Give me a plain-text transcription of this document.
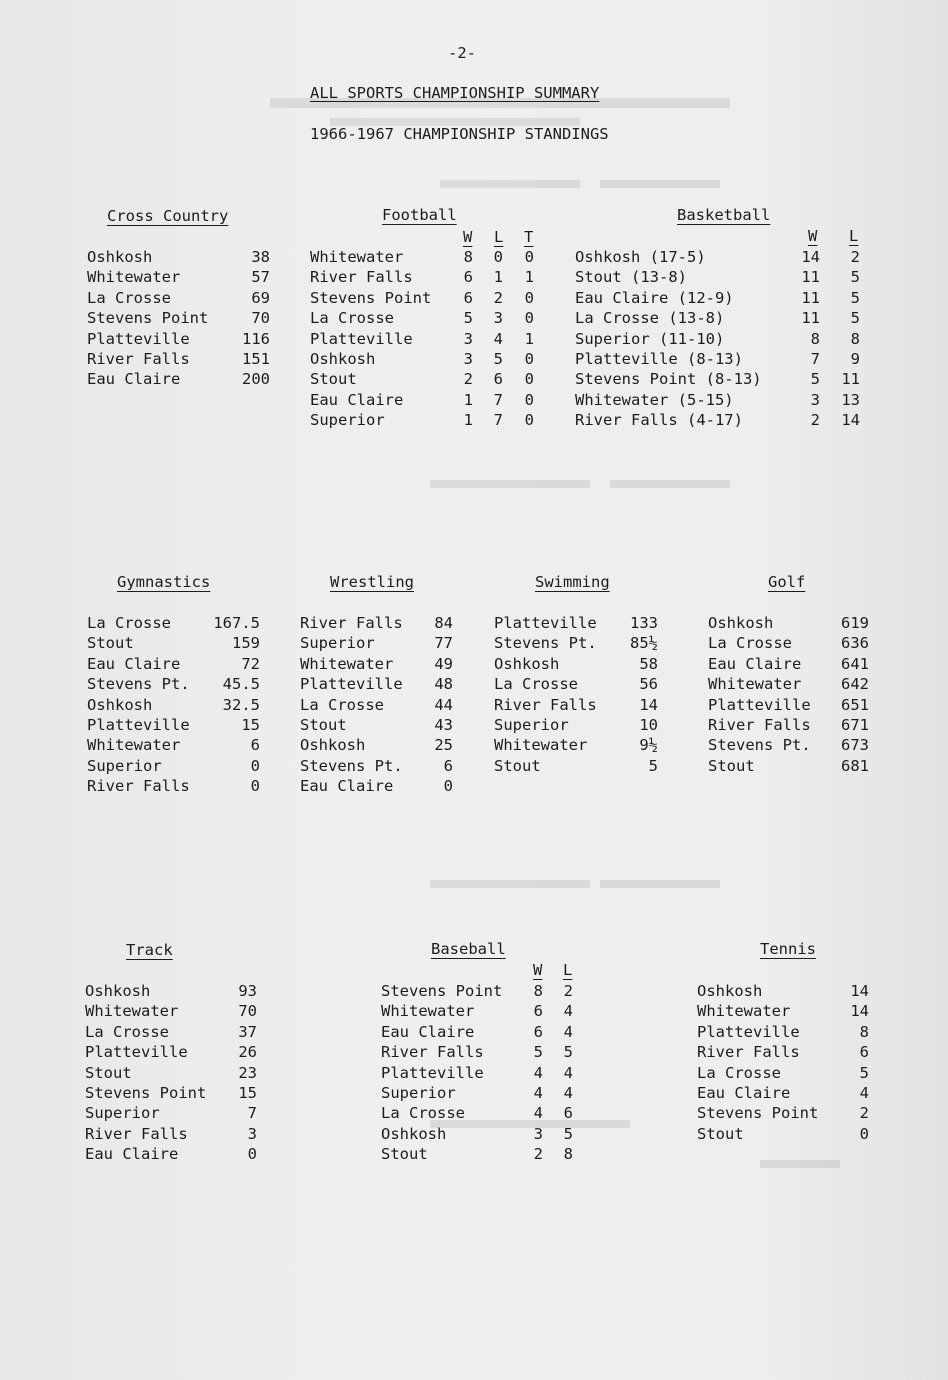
-2-
ALL SPORTS CHAMPIONSHIP SUMMARY
1966-1967 CHAMPIONSHIP STANDINGS
Cross Country
Oshkosh	38
Whitewater	57
La Crosse	69
Stevens Point	70
Platteville	116
River Falls	151
Eau Claire	200
Football
W L T
Whitewater	8	0	0
River Falls	6	1	1
Stevens Point	6	2	0
La Crosse	5	3	0
Platteville	3	4	1
Oshkosh	3	5	0
Stout	2	6	0
Eau Claire	1	7	0
Superior	1	7	0
Basketball
W L
Oshkosh (17-5)	14	2
Stout (13-8)	11	5
Eau Claire (12-9)	11	5
La Crosse (13-8)	11	5
Superior (11-10)	8	8
Platteville (8-13)	7	9
Stevens Point (8-13)	5	11
Whitewater (5-15)	3	13
River Falls (4-17)	2	14
Gymnastics
La Crosse	167.5
Stout	159
Eau Claire	72
Stevens Pt.	45.5
Oshkosh	32.5
Platteville	15
Whitewater	6
Superior	0
River Falls	0
Wrestling
River Falls	84
Superior	77
Whitewater	49
Platteville	48
La Crosse	44
Stout	43
Oshkosh	25
Stevens Pt.	6
Eau Claire	0
Swimming
Platteville	133
Stevens Pt.	85½
Oshkosh	58
La Crosse	56
River Falls	14
Superior	10
Whitewater	9½
Stout	5
Golf
Oshkosh	619
La Crosse	636
Eau Claire	641
Whitewater	642
Platteville	651
River Falls	671
Stevens Pt.	673
Stout	681
Track
Oshkosh	93
Whitewater	70
La Crosse	37
Platteville	26
Stout	23
Stevens Point	15
Superior	7
River Falls	3
Eau Claire	0
Baseball
W L
Stevens Point	8	2
Whitewater	6	4
Eau Claire	6	4
River Falls	5	5
Platteville	4	4
Superior	4	4
La Crosse	4	6
Oshkosh	3	5
Stout	2	8
Tennis
Oshkosh	14
Whitewater	14
Platteville	8
River Falls	6
La Crosse	5
Eau Claire	4
Stevens Point	2
Stout	0
